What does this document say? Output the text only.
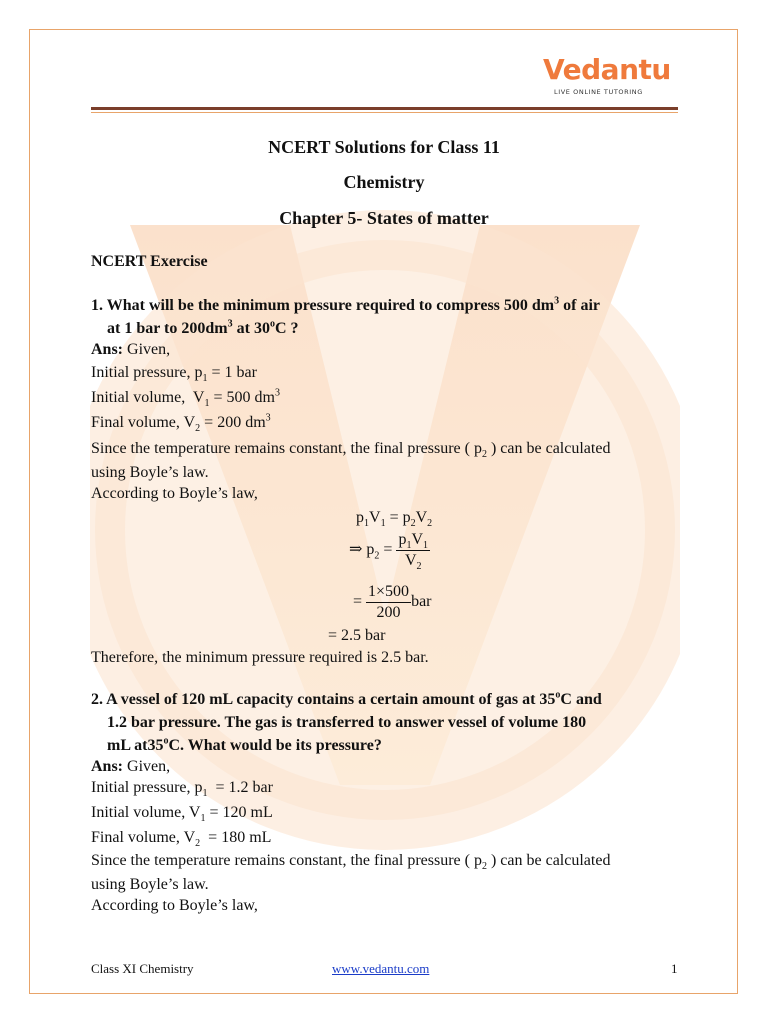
Vedantu
LIVE ONLINE TUTORING
NCERT Solutions for Class 11
Chemistry
Chapter 5- States of matter
NCERT Exercise
1. What will be the minimum pressure required to compress 500 $dm^3$ of air
at 1 bar to $200dm^3$ at 30$^o$C ?
Ans: Given,
Initial pressure, $p_1 = 1$ bar
Initial volume, $V_1 = 500$ $dm^3$
Final volume, $V_2 = 200$ $dm^3$
Since the temperature remains constant, the final pressure ( $p_2$ ) can be calculated
using Boyle’s law.
According to Boyle’s law,
$p_1V_1 = p_2V_2$
⇒ $p_2 = \frac{p_1V_1}{V_2}$
= $\frac{1\times 500}{200}$ bar
= 2.5 bar
Therefore, the minimum pressure required is 2.5 bar.
2. A vessel of 120 mL capacity contains a certain amount of gas at 35$^o$C and
1.2 bar pressure. The gas is transferred to answer vessel of volume 180
mL at35$^o$C. What would be its pressure?
Ans: Given,
Initial pressure, $p_1 = 1.2$ bar
Initial volume, $V_1 = 120$ mL
Final volume, $V_2 = 180$ mL
Since the temperature remains constant, the final pressure ( $p_2$ ) can be calculated
using Boyle’s law.
According to Boyle’s law,
Class XI Chemistry	www.vedantu.com	1
